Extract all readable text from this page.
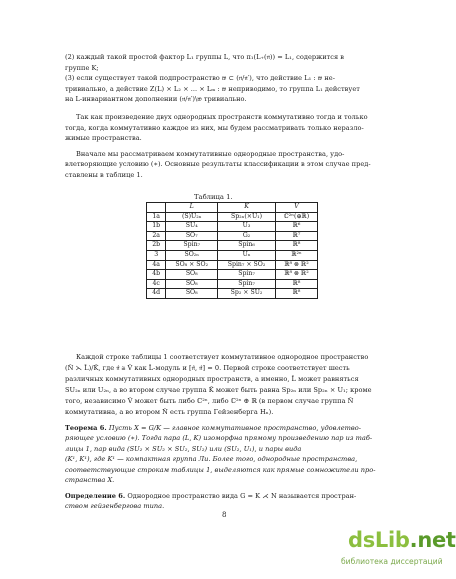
(2) каждый такой простой фактор L₁ группы L, что π₁(L₊(𝔫)) = L₁, содержится в
группе K;
(3) если существует такой подпространство 𝔴 ⊂ (𝔫/𝔫′), что действие L₁ : 𝔴 не-
тривиально, а действие Z(L) × L₂ × ... × Lₘ : 𝔴 неприводимо, то группа L₁ действует
на L-инвариантном дополнении (𝔫/𝔫′)\𝔴 тривиально.
Так как произведение двух однородных пространств коммутативно тогда и только
тогда, когда коммутативно каждое из них, мы будем рассматривать только неразло-
жимые пространства.
Вначале мы рассматриваем коммутативные однородные пространства, удо-
влетворяющие условию (∗). Основные результаты классификации в этом случае пред-
ставлены в таблице 1.
Таблица 1.
	L̂	K̂	V̂
1a	(S)U₂ₙ	Sp₂ₙ(×U₁)	ℂ²ⁿ(⊕ℝ)
1b	SU₄	U₃	ℝ⁶
2a	SO₇	G₂	ℝ⁷
2b	Spin₇	Spin₆	ℝ⁸
3	SO₂ₙ	Uₙ	ℝ²ⁿ
4a	SO₈ × SO₂	Spin₇ × SO₂	ℝ⁸ ⊗ ℝ²
4b	SO₈	Spin₇	ℝ⁸ ⊗ ℝ²
4c	SO₈	Spin₇	ℝ⁸
4d	SO₈	Sp₂ × SU₂	ℝ⁸
Каждой строке таблицы 1 соответствует коммутативное однородное пространство
(N̂ ⋋ L̂)/K̂, где 𝔫̂ ≅ V̂ как L̂-модуль и [𝔫̂, 𝔫̂] = 0. Первой строке соответствует шесть
различных коммутативных однородных пространств, а именно, L̂ может равняться
SU₂ₙ или U₂ₙ, а во втором случае группа K̂ может быть равна Sp₂ₙ или Sp₂ₙ × U₁; кроме
того, независимо V̂ может быть либо ℂ²ⁿ, либо ℂ²ⁿ ⊕ ℝ (в первом случае группа N̂
коммутативна, а во втором N̂ есть группа Гейзенберга Hₙ).
Теорема 6. Пусть X = G/K — главное коммутативное пространство, удовлетво-
ряющее условию (∗). Тогда пара (L, K) изоморфна прямому произведению пар из таб-
лицы 1, пар вида (SU₂ × SU₂ × SU₂, SU₂) или (SU₂, U₁), и пары вида
(K¹, K¹), где K¹ — компактная группа Ли. Более того, однородные пространства,
соответствующие строкам таблицы 1, выделяются как прямые сомножители про-
странства X.
Определение 6. Однородное пространство вида G = K ⋌ N называется простран-
ством гейзенбергова типа.
8
dsLib.net
библиотека диссертаций
